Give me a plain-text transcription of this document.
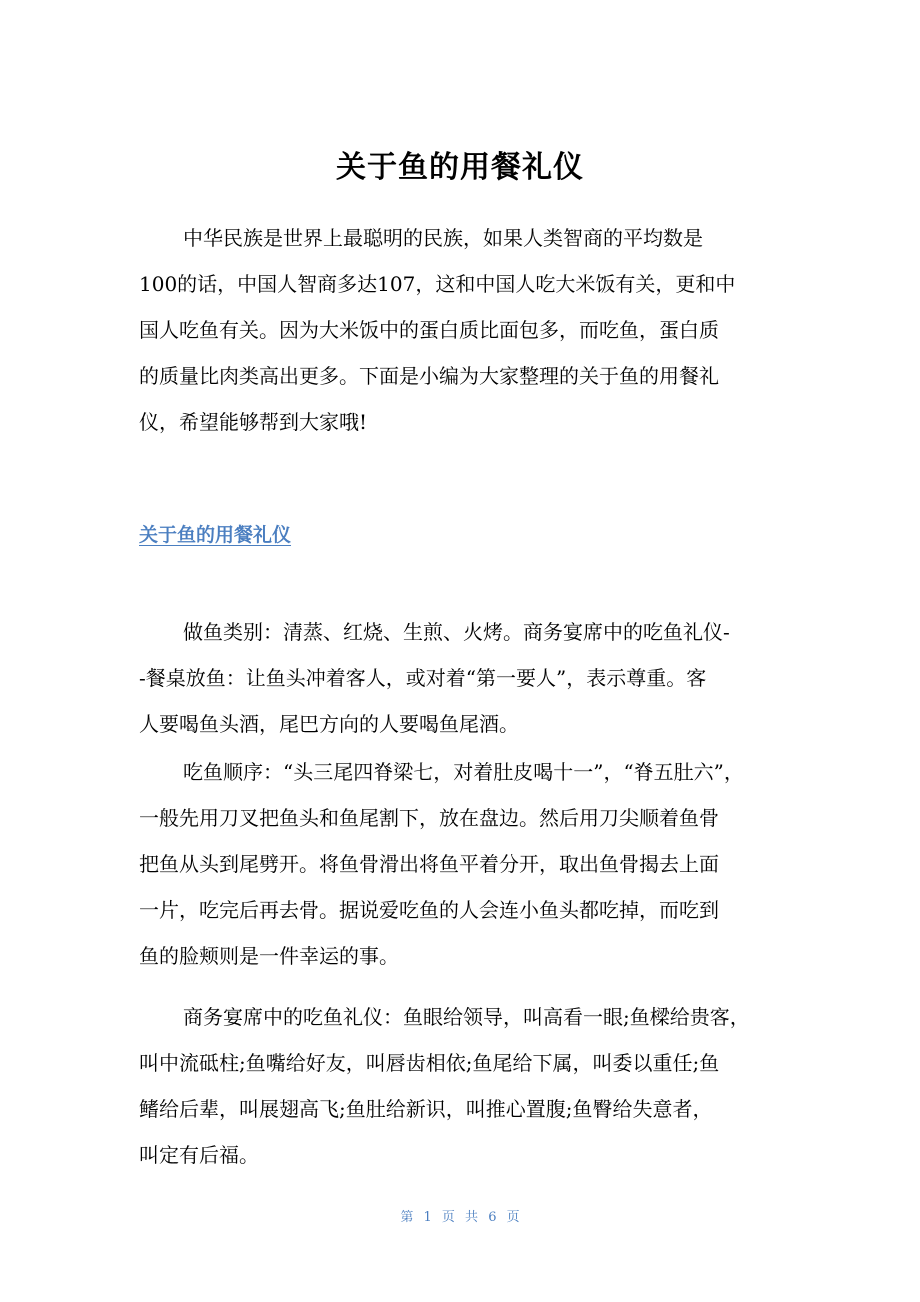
关于鱼的用餐礼仪
中华民族是世界上最聪明的民族，如果人类智商的平均数是
100的话，中国人智商多达107，这和中国人吃大米饭有关，更和中
国人吃鱼有关。因为大米饭中的蛋白质比面包多，而吃鱼，蛋白质
的质量比肉类高出更多。下面是小编为大家整理的关于鱼的用餐礼
仪，希望能够帮到大家哦!
关于鱼的用餐礼仪
做鱼类别：清蒸、红烧、生煎、火烤。商务宴席中的吃鱼礼仪-
-餐桌放鱼：让鱼头冲着客人，或对着“第一要人”，表示尊重。客
人要喝鱼头酒，尾巴方向的人要喝鱼尾酒。
吃鱼顺序：“头三尾四脊梁七，对着肚皮喝十一”，“脊五肚六”，
一般先用刀叉把鱼头和鱼尾割下，放在盘边。然后用刀尖顺着鱼骨
把鱼从头到尾劈开。将鱼骨滑出将鱼平着分开，取出鱼骨揭去上面
一片，吃完后再去骨。据说爱吃鱼的人会连小鱼头都吃掉，而吃到
鱼的脸颊则是一件幸运的事。
商务宴席中的吃鱼礼仪：鱼眼给领导，叫高看一眼;鱼樑给贵客，
叫中流砥柱;鱼嘴给好友，叫唇齿相依;鱼尾给下属，叫委以重任;鱼
鳍给后辈，叫展翅高飞;鱼肚给新识，叫推心置腹;鱼臀给失意者，
叫定有后福。
第 1 页 共 6 页
